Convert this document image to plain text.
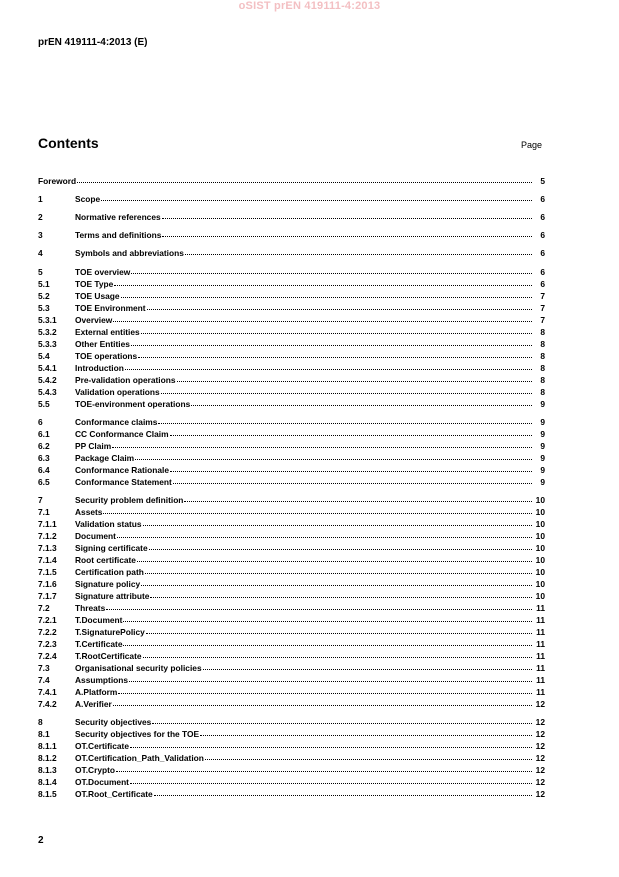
oSIST prEN 419111-4:2013
prEN 419111-4:2013 (E)
Contents	Page
Foreword	5
1	Scope	6
2	Normative references	6
3	Terms and definitions	6
4	Symbols and abbreviations	6
5	TOE overview	6
5.1	TOE Type	6
5.2	TOE Usage	7
5.3	TOE Environment	7
5.3.1	Overview	7
5.3.2	External entities	8
5.3.3	Other Entities	8
5.4	TOE operations	8
5.4.1	Introduction	8
5.4.2	Pre-validation operations	8
5.4.3	Validation operations	8
5.5	TOE-environment operations	9
6	Conformance claims	9
6.1	CC Conformance Claim	9
6.2	PP Claim	9
6.3	Package Claim	9
6.4	Conformance Rationale	9
6.5	Conformance Statement	9
7	Security problem definition	10
7.1	Assets	10
7.1.1	Validation status	10
7.1.2	Document	10
7.1.3	Signing certificate	10
7.1.4	Root certificate	10
7.1.5	Certification path	10
7.1.6	Signature policy	10
7.1.7	Signature attribute	10
7.2	Threats	11
7.2.1	T.Document	11
7.2.2	T.SignaturePolicy	11
7.2.3	T.Certificate	11
7.2.4	T.RootCertificate	11
7.3	Organisational security policies	11
7.4	Assumptions	11
7.4.1	A.Platform	11
7.4.2	A.Verifier	12
8	Security objectives	12
8.1	Security objectives for the TOE	12
8.1.1	OT.Certificate	12
8.1.2	OT.Certification_Path_Validation	12
8.1.3	OT.Crypto	12
8.1.4	OT.Document	12
8.1.5	OT.Root_Certificate	12
2
